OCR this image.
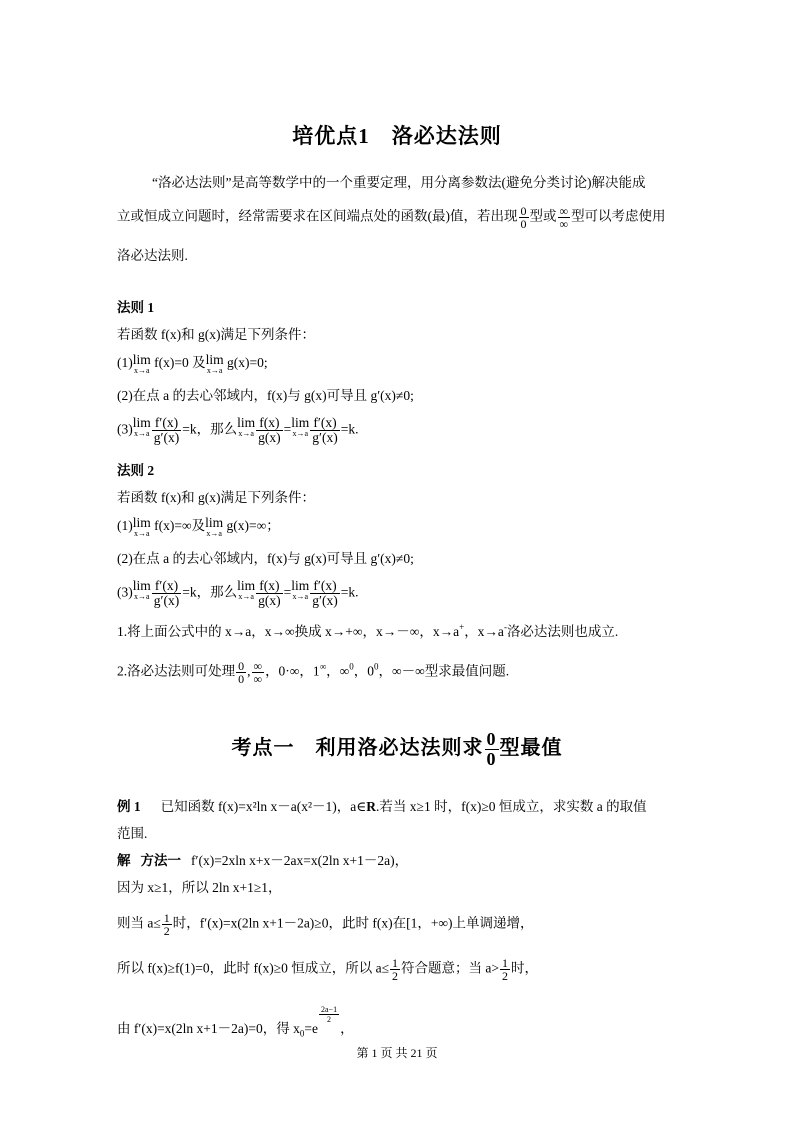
培优点1　洛必达法则
“洛必达法则”是高等数学中的一个重要定理，用分离参数法(避免分类讨论)解决能成
立或恒成立问题时，经常需要求在区间端点处的函数(最)值，若出现 $\frac{0}{0}$ 型或 $\frac{\infty}{\infty}$ 型可以考虑使用
洛必达法则.
法则 1
若函数 f(x)和 g(x)满足下列条件：
(1) lim
x→a
f(x)=0 及 lim
x→a
g(x)=0;
(2)在点 a 的去心邻域内，f(x)与 g(x)可导且 g′(x)≠0;
(3) lim
$x\to a \frac{f'(x)}{g'(x)} =k$，那么 lim
$x\to a \frac{f(x)}{g(x)} = \lim$
$x\to a \frac{f'(x)}{g'(x)} =k$.
法则 2
若函数 f(x)和 g(x)满足下列条件：
(1) lim
x→a
f(x)=∞及 lim
x→a
g(x)=∞；
(2)在点 a 的去心邻域内，f(x)与 g(x)可导且 g′(x)≠0;
(3) lim
$x\to a \frac{f'(x)}{g'(x)} =k$，那么 lim
$x\to a \frac{f(x)}{g(x)} = \lim$
$x\to a \frac{f'(x)}{g'(x)} =k$.
1.将上面公式中的 x→a，x→∞换成 x→+∞，x→－∞，x→a+，x→a-洛必达法则也成立.
2.洛必达法则可处理 $\frac{0}{0}$ , $\frac{\infty}{\infty}$ ，0·∞，1∞，∞$^0$，$0^0$，∞－∞型求最值问题.
考点一　利用洛必达法则求 $\frac{0}{0}$ 型最值
例 1 已知函数 f(x)=x²ln x－a(x²－1)，a∈R.若当 x≥1 时，f(x)≥0 恒成立，求实数 a 的取值
范围.
解 方法一 f′(x)=2xln x+x－2ax=x(2ln x+1－2a)，
因为 x≥1，所以 2ln x+1≥1，
则当 $a\le \frac{1}{2}$ 时，f′(x)=x(2ln x+1－2a)≥0，此时 f(x)在[1，+∞)上单调递增，
所以 f(x)≥f(1)=0，此时 f(x)≥0 恒成立，所以 $a\le \frac{1}{2}$ 符合题意；当 $a> \frac{1}{2}$ 时，
由 f′(x)=x(2ln x+1－2a)=0，得 $x_0=e$
$\frac{2a-1}{2}$
，
第 1 页 共 21 页
